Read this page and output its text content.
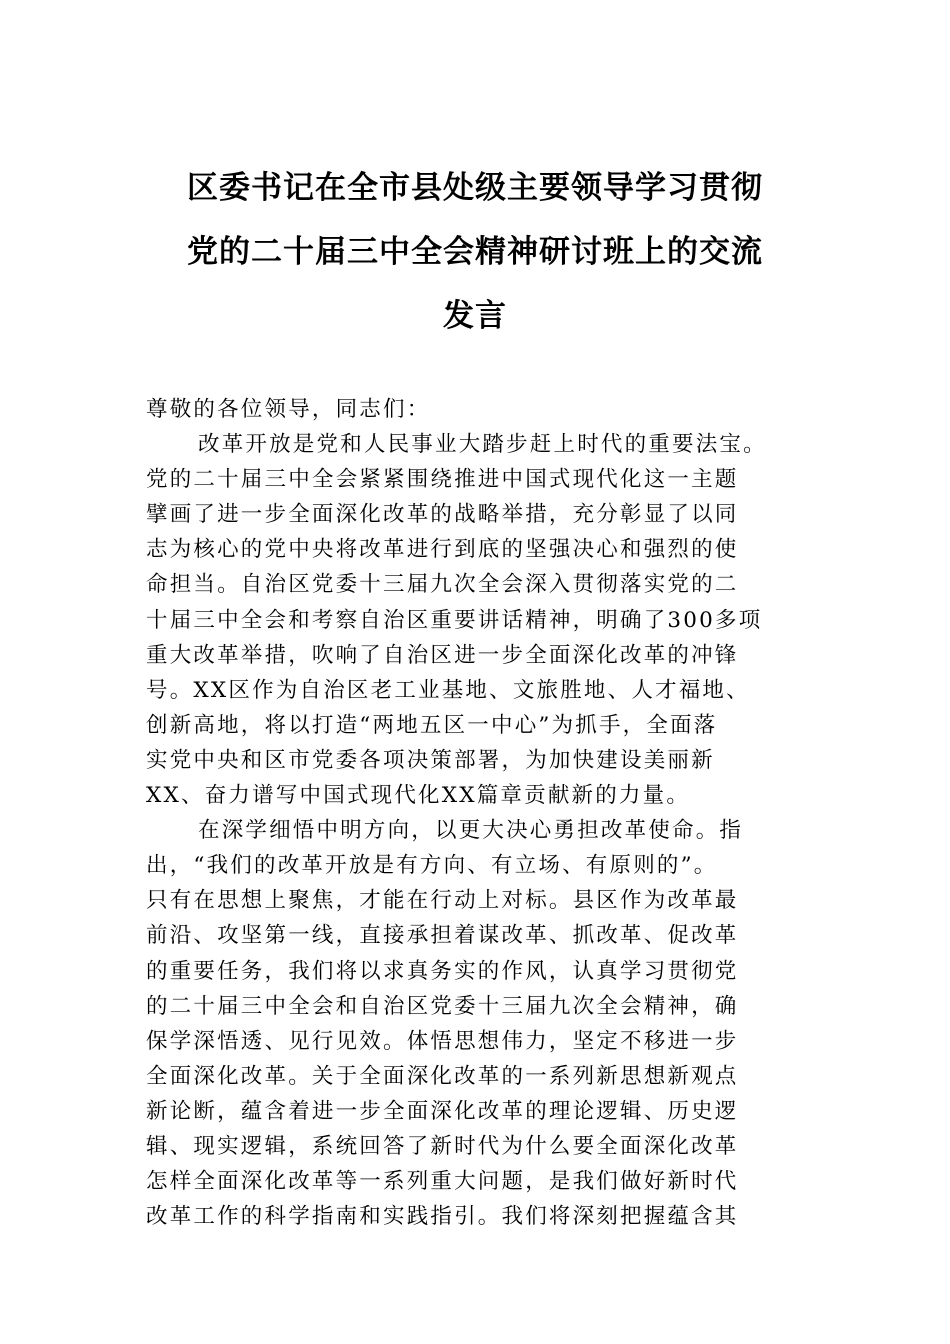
区委书记在全市县处级主要领导学习贯彻
党的二十届三中全会精神研讨班上的交流
发言
尊敬的各位领导，同志们：
改革开放是党和人民事业大踏步赶上时代的重要法宝。
党的二十届三中全会紧紧围绕推进中国式现代化这一主题
擘画了进一步全面深化改革的战略举措，充分彰显了以同
志为核心的党中央将改革进行到底的坚强决心和强烈的使
命担当。自治区党委十三届九次全会深入贯彻落实党的二
十届三中全会和考察自治区重要讲话精神，明确了300多项
重大改革举措，吹响了自治区进一步全面深化改革的冲锋
号。XX区作为自治区老工业基地、文旅胜地、人才福地、
创新高地，将以打造“两地五区一中心”为抓手，全面落
实党中央和区市党委各项决策部署，为加快建设美丽新
XX、奋力谱写中国式现代化XX篇章贡献新的力量。
在深学细悟中明方向，以更大决心勇担改革使命。指
出，“我们的改革开放是有方向、有立场、有原则的”。
只有在思想上聚焦，才能在行动上对标。县区作为改革最
前沿、攻坚第一线，直接承担着谋改革、抓改革、促改革
的重要任务，我们将以求真务实的作风，认真学习贯彻党
的二十届三中全会和自治区党委十三届九次全会精神，确
保学深悟透、见行见效。体悟思想伟力，坚定不移进一步
全面深化改革。关于全面深化改革的一系列新思想新观点
新论断，蕴含着进一步全面深化改革的理论逻辑、历史逻
辑、现实逻辑，系统回答了新时代为什么要全面深化改革
怎样全面深化改革等一系列重大问题，是我们做好新时代
改革工作的科学指南和实践指引。我们将深刻把握蕴含其
